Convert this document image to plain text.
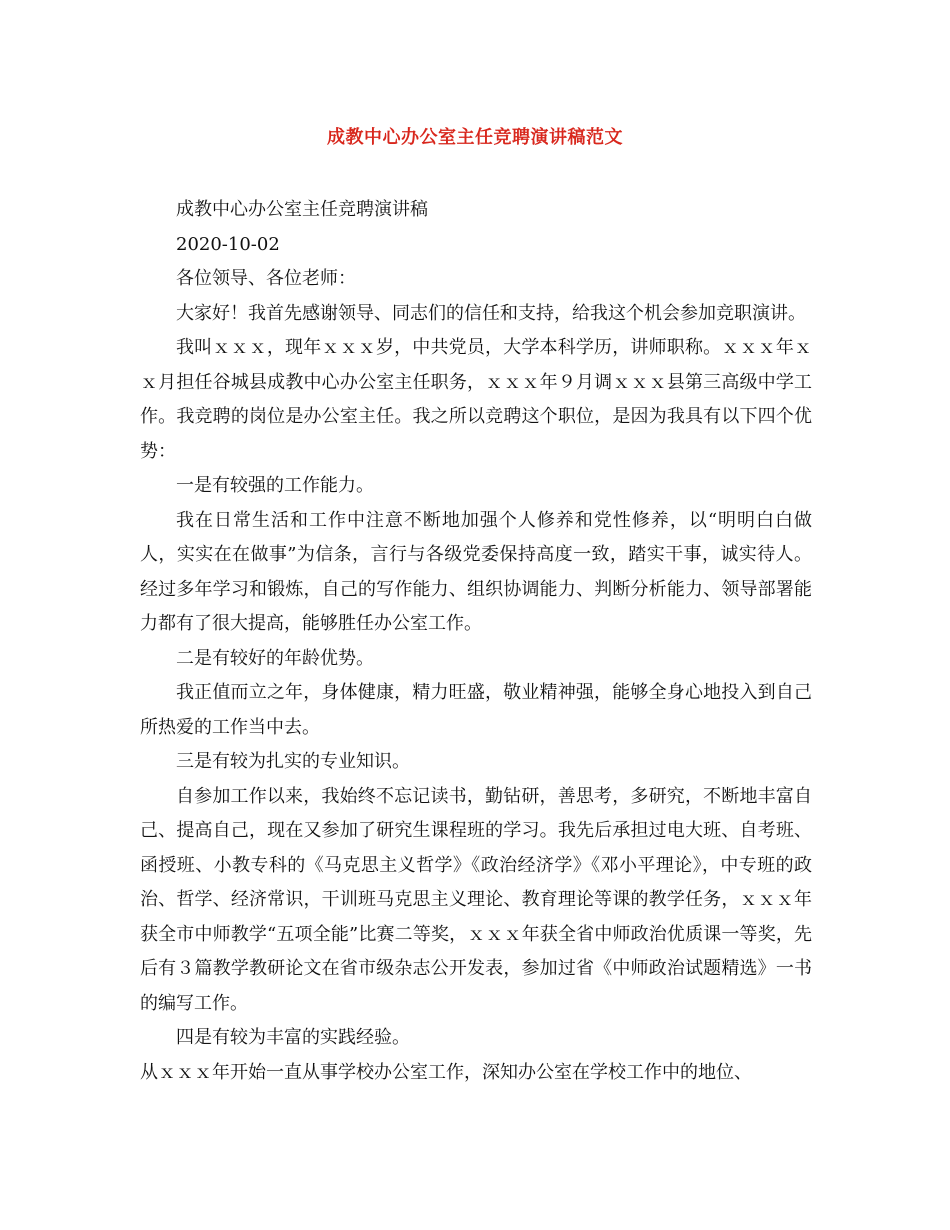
成教中心办公室主任竞聘演讲稿范文

成教中心办公室主任竞聘演讲稿

2020-10-02

各位领导、各位老师：

大家好！我首先感谢领导、同志们的信任和支持，给我这个机会参加竞职演讲。

我叫ｘｘｘ，现年ｘｘｘ岁，中共党员，大学本科学历，讲师职称。ｘｘｘ年ｘｘ月担任谷城县成教中心办公室主任职务，ｘｘｘ年９月调ｘｘｘ县第三高级中学工作。我竞聘的岗位是办公室主任。我之所以竞聘这个职位，是因为我具有以下四个优势：

一是有较强的工作能力。

我在日常生活和工作中注意不断地加强个人修养和党性修养，以“明明白白做人，实实在在做事”为信条，言行与各级党委保持高度一致，踏实干事，诚实待人。经过多年学习和锻炼，自己的写作能力、组织协调能力、判断分析能力、领导部署能力都有了很大提高，能够胜任办公室工作。

二是有较好的年龄优势。

我正值而立之年，身体健康，精力旺盛，敬业精神强，能够全身心地投入到自己所热爱的工作当中去。

三是有较为扎实的专业知识。

自参加工作以来，我始终不忘记读书，勤钻研，善思考，多研究，不断地丰富自己、提高自己，现在又参加了研究生课程班的学习。我先后承担过电大班、自考班、函授班、小教专科的《马克思主义哲学》《政治经济学》《邓小平理论》，中专班的政治、哲学、经济常识，干训班马克思主义理论、教育理论等课的教学任务，ｘｘｘ年获全市中师教学“五项全能”比赛二等奖，ｘｘｘ年获全省中师政治优质课一等奖，先后有３篇教学教研论文在省市级杂志公开发表，参加过省《中师政治试题精选》一书的编写工作。

四是有较为丰富的实践经验。

从ｘｘｘ年开始一直从事学校办公室工作，深知办公室在学校工作中的地位、
